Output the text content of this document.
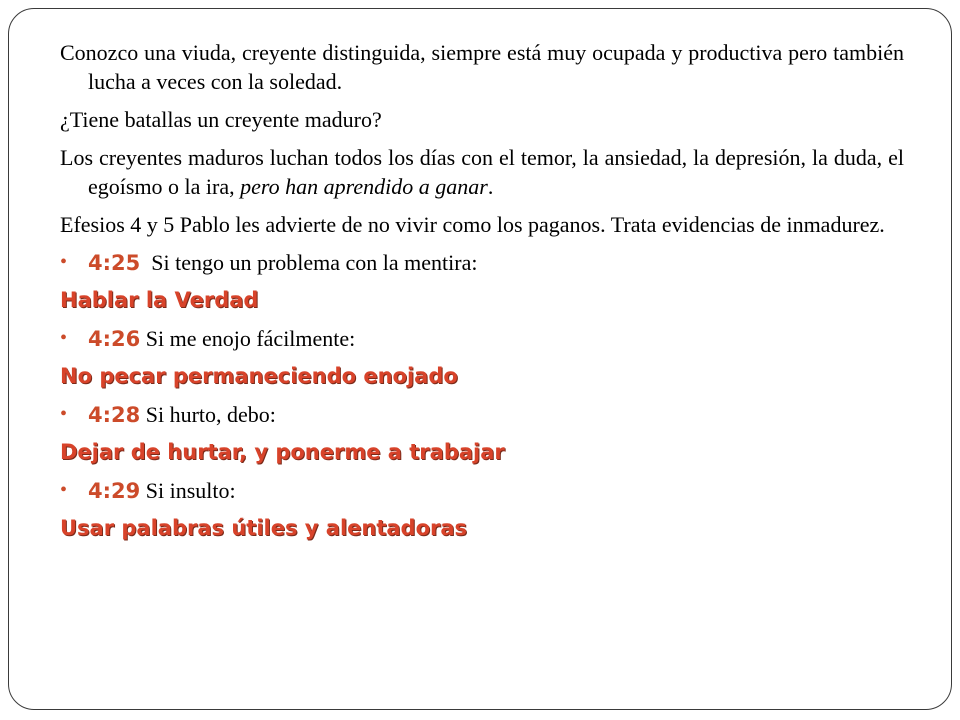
Conozco una viuda, creyente distinguida, siempre está muy ocupada y productiva pero también lucha a veces con la soledad.

¿Tiene batallas un creyente maduro?

Los creyentes maduros luchan todos los días con el temor, la ansiedad, la depresión, la duda, el egoísmo o la ira, pero han aprendido a ganar.

Efesios 4 y 5 Pablo les advierte de no vivir como los paganos. Trata evidencias de inmadurez.

• 4:25 Si tengo un problema con la mentira:
Hablar la Verdad
• 4:26 Si me enojo fácilmente:
No pecar permaneciendo enojado
• 4:28 Si hurto, debo:
Dejar de hurtar, y ponerme a trabajar
• 4:29 Si insulto:
Usar palabras útiles y alentadoras
